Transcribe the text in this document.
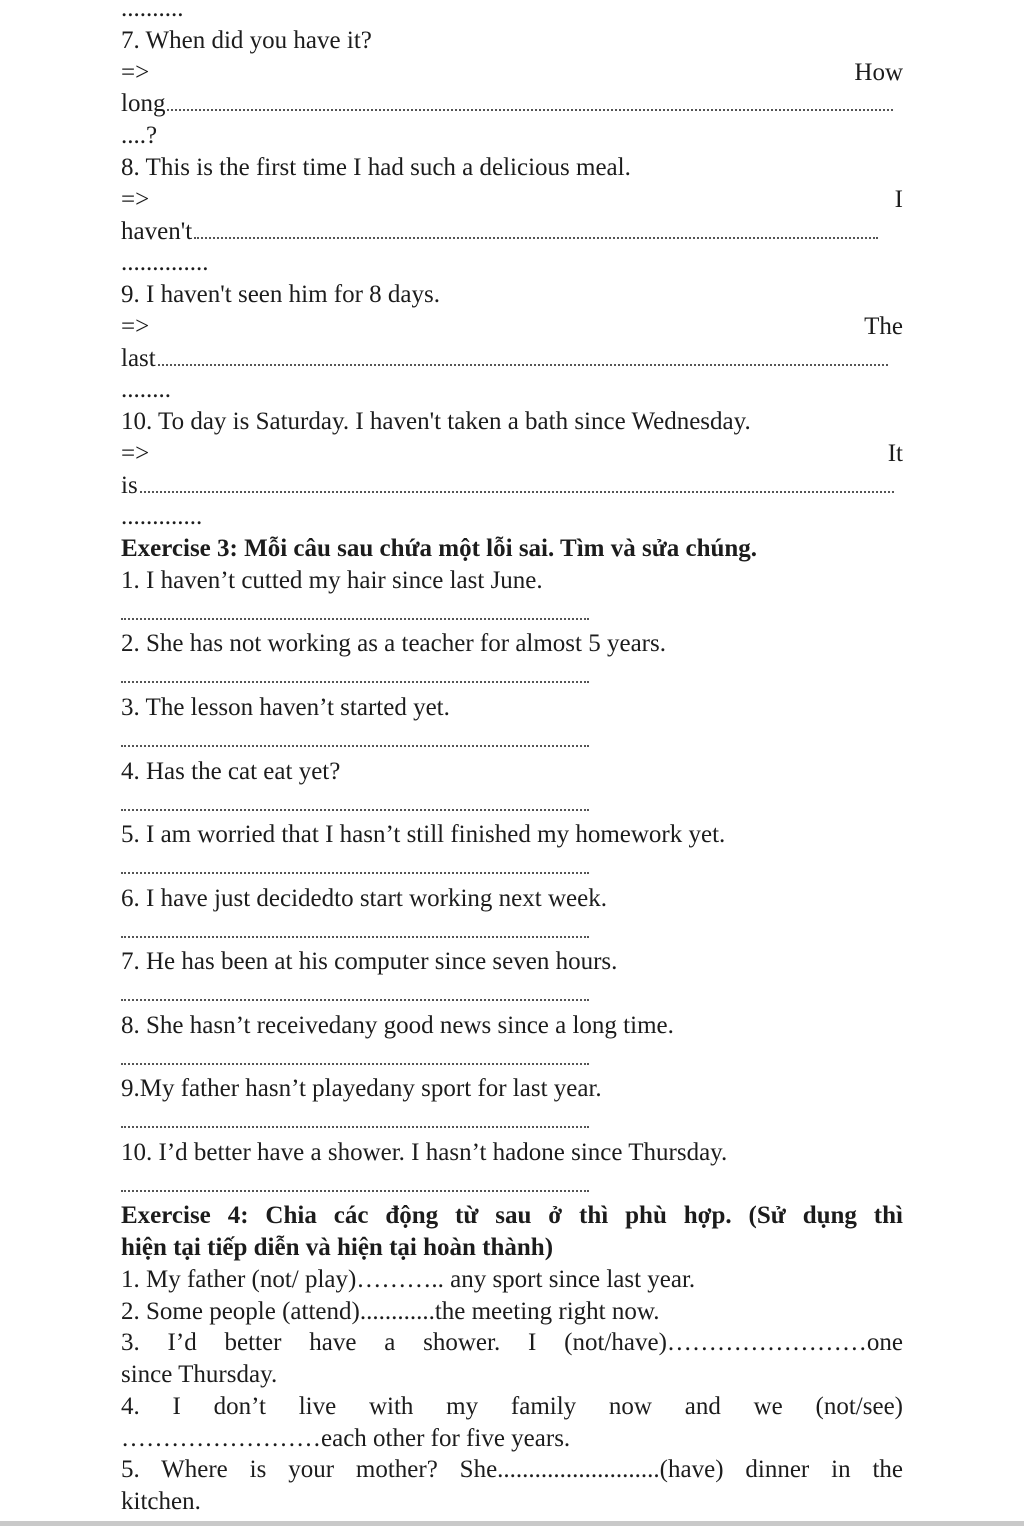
..........
7. When did you have it?
=>	How
long
....?
8. This is the first time I had such a delicious meal.
=>	I
haven't
..............
9. I haven't seen him for 8 days.
=>	The
last
........
10. To day is Saturday. I haven't taken a bath since Wednesday.
=>	It
is
.............
Exercise 3: Mỗi câu sau chứa một lỗi sai. Tìm và sửa chúng.
1. I haven’t cutted my hair since last June.
2. She has not working as a teacher for almost 5 years.
3. The lesson haven’t started yet.
4. Has the cat eat yet?
5. I am worried that I hasn’t still finished my homework yet.
6. I have just decidedto start working next week.
7. He has been at his computer since seven hours.
8. She hasn’t receivedany good news since a long time.
9.My father hasn’t playedany sport for last year.
10. I’d better have a shower. I hasn’t hadone since Thursday.
Exercise 4: Chia các động từ sau ở thì phù hợp. (Sử dụng thì
hiện tại tiếp diễn và hiện tại hoàn thành)
1. My father (not/ play)……….. any sport since last year.
2. Some people (attend)............the meeting right now.
3. I’d better have a shower. I (not/have)……………………one
since Thursday.
4. I don’t live with my family now and we (not/see)
……………………each other for five years.
5. Where is your mother? She..........................(have) dinner in the
kitchen.
